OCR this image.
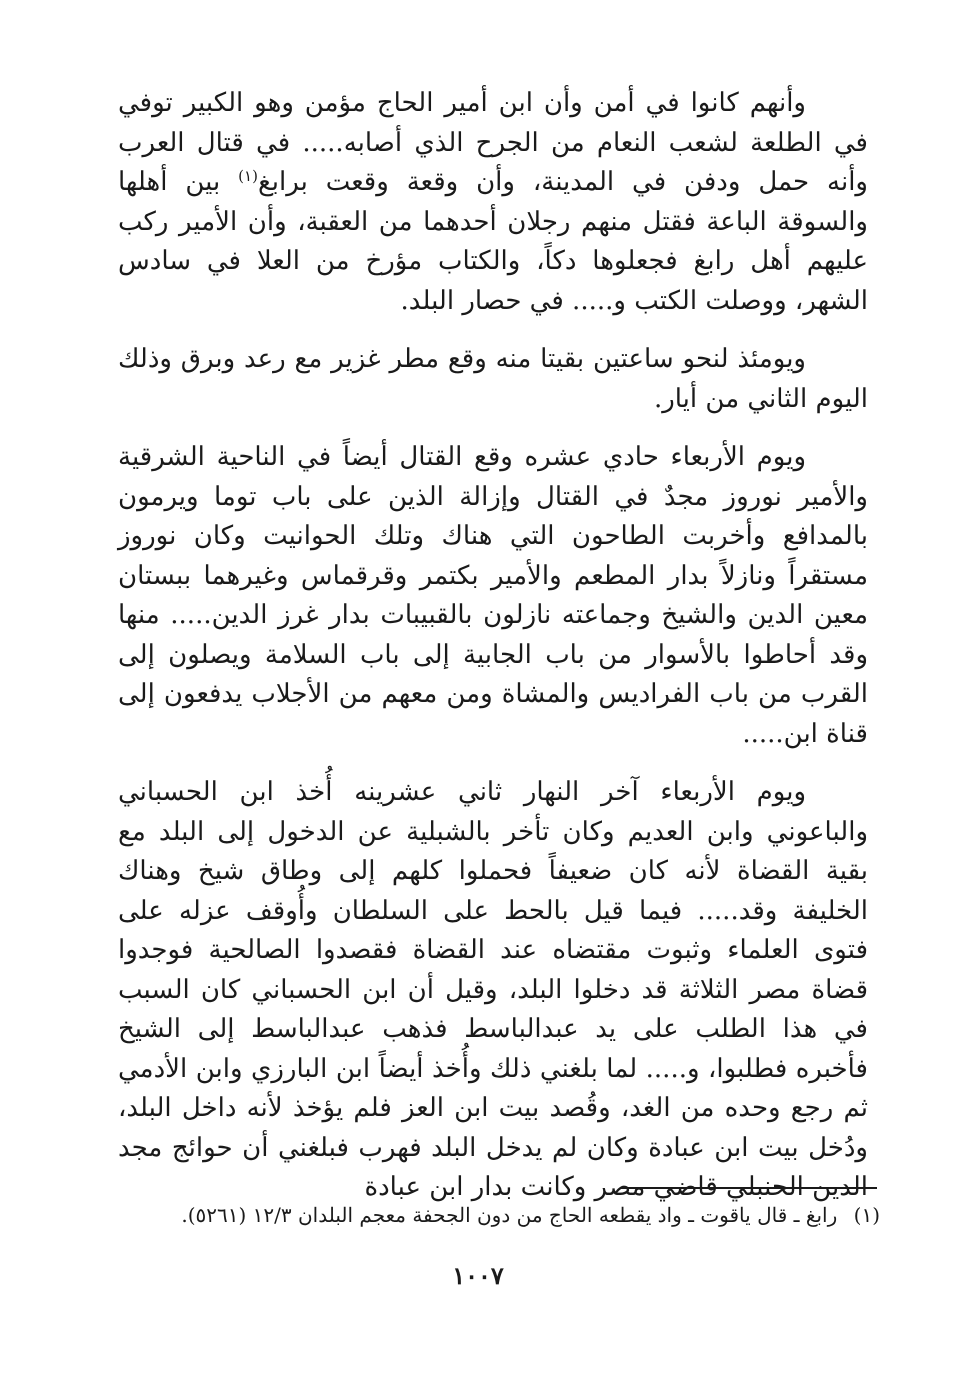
وأنهم كانوا في أمن وأن ابن أمير الحاج مؤمن وهو الكبير توفي في الطلعة لشعب النعام من الجرح الذي أصابه..... في قتال العرب وأنه حمل ودفن في المدينة، وأن وقعة وقعت برابغ$^{(١)}$ بين أهلها والسوقة الباعة فقتل منهم رجلان أحدهما من العقبة، وأن الأمير ركب عليهم أهل رابغ فجعلوها دكاً، والكتاب مؤرخ من العلا في سادس الشهر، ووصلت الكتب و..... في حصار البلد.

ويومئذ لنحو ساعتين بقيتا منه وقع مطر غزير مع رعد وبرق وذلك اليوم الثاني من أيار.

ويوم الأربعاء حادي عشره وقع القتال أيضاً في الناحية الشرقية والأمير نوروز مجدٌ في القتال وإزالة الذين على باب توما ويرمون بالمدافع وأخربت الطاحون التي هناك وتلك الحوانيت وكان نوروز مستقراً ونازلاً بدار المطعم والأمير بكتمر وقرقماس وغيرهما ببستان معين الدين والشيخ وجماعته نازلون بالقبيبات بدار غرز الدين..... منها وقد أحاطوا بالأسوار من باب الجابية إلى باب السلامة ويصلون إلى القرب من باب الفراديس والمشاة ومن معهم من الأجلاب يدفعون إلى قناة ابن.....

ويوم الأربعاء آخر النهار ثاني عشرينه أُخذ ابن الحسباني والباعوني وابن العديم وكان تأخر بالشبلية عن الدخول إلى البلد مع بقية القضاة لأنه كان ضعيفاً فحملوا كلهم إلى وطاق شيخ وهناك الخليفة وقد..... فيما قيل بالحط على السلطان وأُوقف عزله على فتوى العلماء وثبوت مقتضاه عند القضاة فقصدوا الصالحية فوجدوا قضاة مصر الثلاثة قد دخلوا البلد، وقيل أن ابن الحسباني كان السبب في هذا الطلب على يد عبدالباسط فذهب عبدالباسط إلى الشيخ فأخبره فطلبوا، و..... لما بلغني ذلك وأُخذ أيضاً ابن البارزي وابن الأدمي ثم رجع وحده من الغد، وقُصد بيت ابن العز فلم يؤخذ لأنه داخل البلد، ودُخل بيت ابن عبادة وكان لم يدخل البلد فهرب فبلغني أن حوائج مجد الدين الحنبلي قاضي مصر وكانت بدار ابن عبادة

(١) رابغ ـ قال ياقوت ـ واد يقطعه الحاج من دون الجحفة معجم البلدان ١٢/٣ (٥٢٦١).
١٠٠٧
